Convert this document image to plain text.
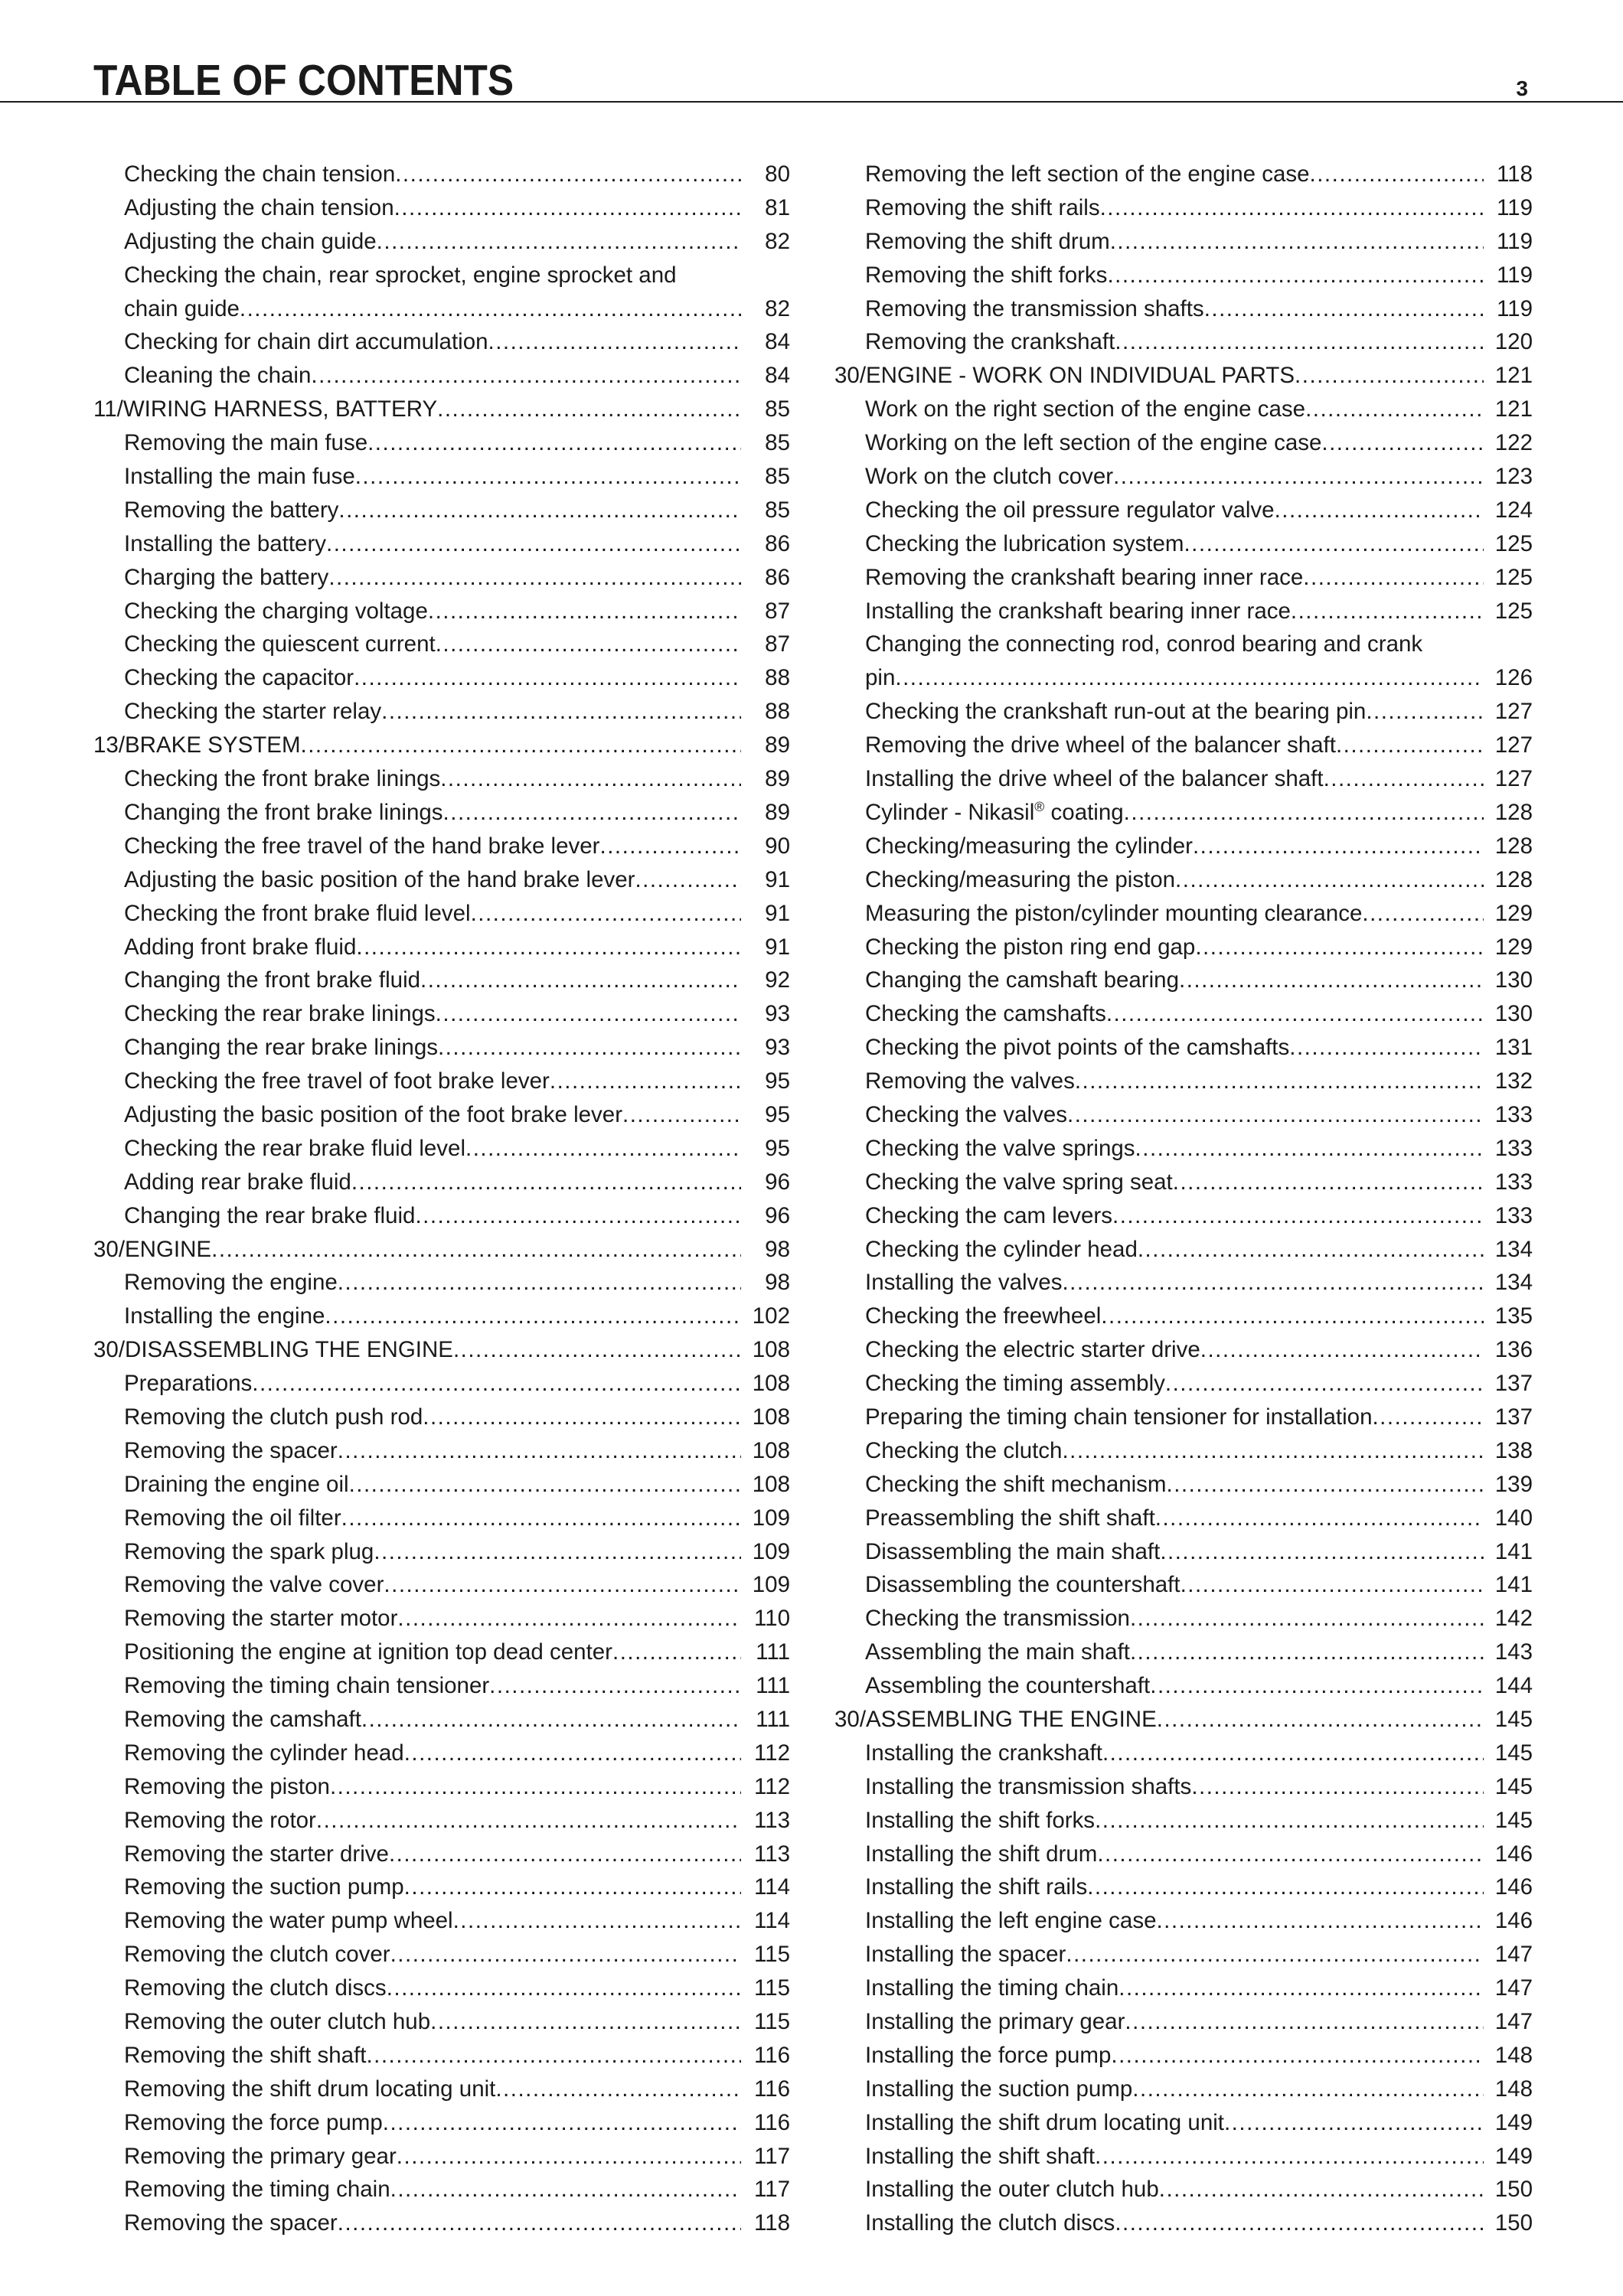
TABLE OF CONTENTS	3
Checking the chain tension .....	80
Adjusting the chain tension .....	81
Adjusting the chain guide .....	82
Checking the chain, rear sprocket, engine sprocket and
chain guide .....	82
Checking for chain dirt accumulation .....	84
Cleaning the chain .....	84
11/WIRING HARNESS, BATTERY .....	85
Removing the main fuse .....	85
Installing the main fuse .....	85
Removing the battery .....	85
Installing the battery .....	86
Charging the battery .....	86
Checking the charging voltage .....	87
Checking the quiescent current .....	87
Checking the capacitor .....	88
Checking the starter relay .....	88
13/BRAKE SYSTEM .....	89
Checking the front brake linings .....	89
Changing the front brake linings .....	89
Checking the free travel of the hand brake lever .....	90
Adjusting the basic position of the hand brake lever .....	91
Checking the front brake fluid level .....	91
Adding front brake fluid .....	91
Changing the front brake fluid .....	92
Checking the rear brake linings .....	93
Changing the rear brake linings .....	93
Checking the free travel of foot brake lever .....	95
Adjusting the basic position of the foot brake lever .....	95
Checking the rear brake fluid level .....	95
Adding rear brake fluid .....	96
Changing the rear brake fluid .....	96
30/ENGINE .....	98
Removing the engine .....	98
Installing the engine .....	102
30/DISASSEMBLING THE ENGINE .....	108
Preparations .....	108
Removing the clutch push rod .....	108
Removing the spacer .....	108
Draining the engine oil .....	108
Removing the oil filter .....	109
Removing the spark plug .....	109
Removing the valve cover .....	109
Removing the starter motor .....	110
Positioning the engine at ignition top dead center .....	111
Removing the timing chain tensioner .....	111
Removing the camshaft .....	111
Removing the cylinder head .....	112
Removing the piston .....	112
Removing the rotor .....	113
Removing the starter drive .....	113
Removing the suction pump .....	114
Removing the water pump wheel .....	114
Removing the clutch cover .....	115
Removing the clutch discs .....	115
Removing the outer clutch hub .....	115
Removing the shift shaft .....	116
Removing the shift drum locating unit .....	116
Removing the force pump .....	116
Removing the primary gear .....	117
Removing the timing chain .....	117
Removing the spacer .....	118
Removing the left section of the engine case .....	118
Removing the shift rails .....	119
Removing the shift drum .....	119
Removing the shift forks .....	119
Removing the transmission shafts .....	119
Removing the crankshaft .....	120
30/ENGINE - WORK ON INDIVIDUAL PARTS .....	121
Work on the right section of the engine case .....	121
Working on the left section of the engine case .....	122
Work on the clutch cover .....	123
Checking the oil pressure regulator valve .....	124
Checking the lubrication system .....	125
Removing the crankshaft bearing inner race .....	125
Installing the crankshaft bearing inner race .....	125
Changing the connecting rod, conrod bearing and crank
pin .....	126
Checking the crankshaft run-out at the bearing pin .....	127
Removing the drive wheel of the balancer shaft .....	127
Installing the drive wheel of the balancer shaft .....	127
Cylinder - Nikasil® coating .....	128
Checking/measuring the cylinder .....	128
Checking/measuring the piston .....	128
Measuring the piston/cylinder mounting clearance .....	129
Checking the piston ring end gap .....	129
Changing the camshaft bearing .....	130
Checking the camshafts .....	130
Checking the pivot points of the camshafts .....	131
Removing the valves .....	132
Checking the valves .....	133
Checking the valve springs .....	133
Checking the valve spring seat .....	133
Checking the cam levers .....	133
Checking the cylinder head .....	134
Installing the valves .....	134
Checking the freewheel .....	135
Checking the electric starter drive .....	136
Checking the timing assembly .....	137
Preparing the timing chain tensioner for installation .....	137
Checking the clutch .....	138
Checking the shift mechanism .....	139
Preassembling the shift shaft .....	140
Disassembling the main shaft .....	141
Disassembling the countershaft .....	141
Checking the transmission .....	142
Assembling the main shaft .....	143
Assembling the countershaft .....	144
30/ASSEMBLING THE ENGINE .....	145
Installing the crankshaft .....	145
Installing the transmission shafts .....	145
Installing the shift forks .....	145
Installing the shift drum .....	146
Installing the shift rails .....	146
Installing the left engine case .....	146
Installing the spacer .....	147
Installing the timing chain .....	147
Installing the primary gear .....	147
Installing the force pump .....	148
Installing the suction pump .....	148
Installing the shift drum locating unit .....	149
Installing the shift shaft .....	149
Installing the outer clutch hub .....	150
Installing the clutch discs .....	150
